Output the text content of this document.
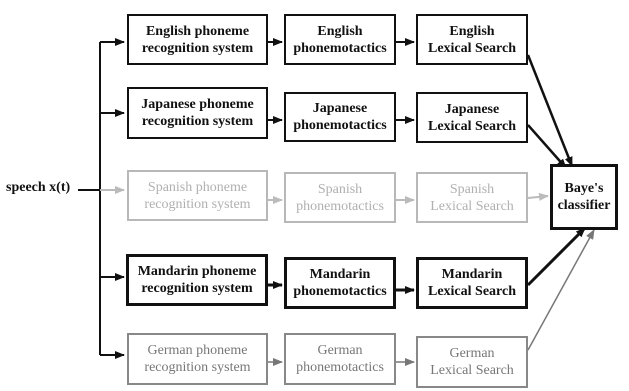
speech x(t)
English phoneme
recognition system
English
phonemotactics
English
Lexical Search
Japanese phoneme
recognition system
Japanese
phonemotactics
Japanese
Lexical Search
Spanish phoneme
recognition system
Spanish
phonemotactics
Spanish
Lexical Search
Mandarin phoneme
recognition system
Mandarin
phonemotactics
Mandarin
Lexical Search
German phoneme
recognition system
German
phonemotactics
German
Lexical Search
Baye's
classifier
